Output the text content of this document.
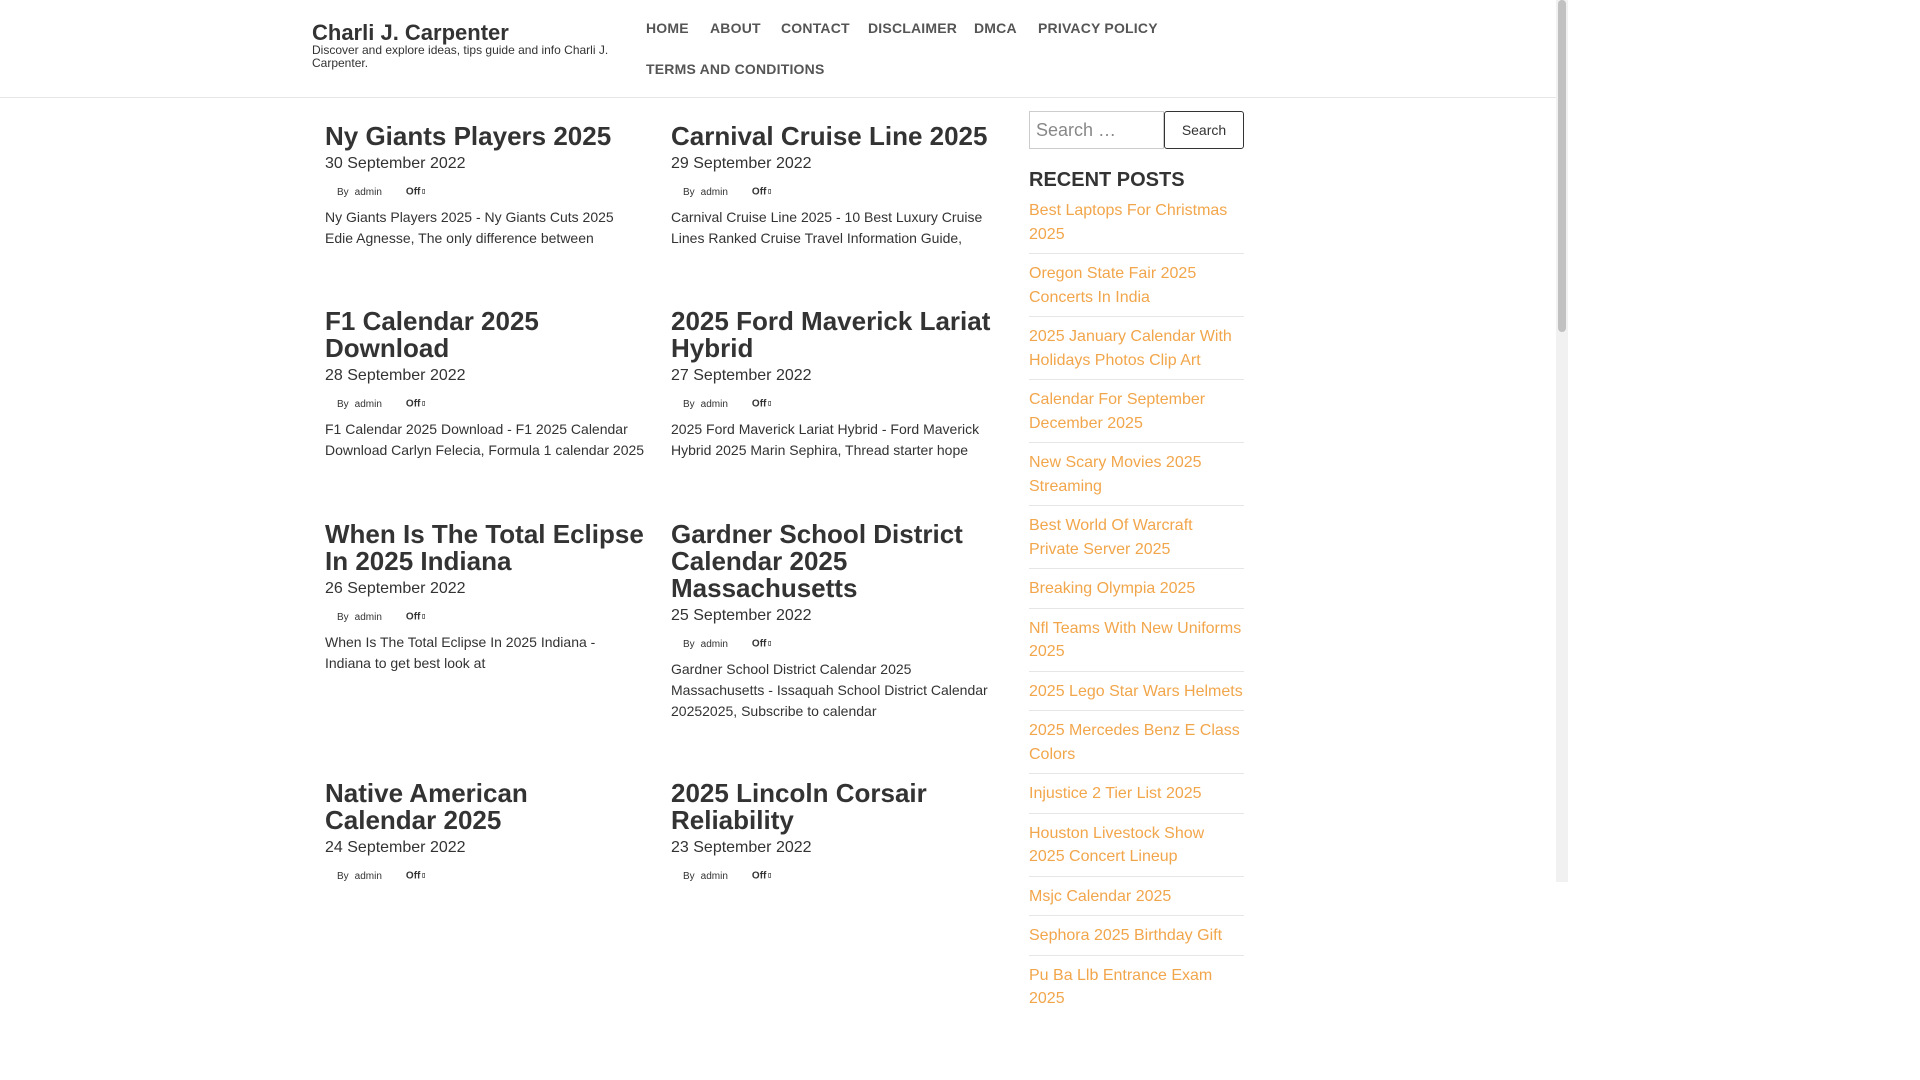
Charli J. Carpenter
Discover and explore ideas, tips guide and info Charli J. Carpenter.
HOME ABOUT CONTACT DISCLAIMER DMCA PRIVACY POLICY
TERMS AND CONDITIONS
Ny Giants Players 2025
30 September 2022
By admin Off ▯
Ny Giants Players 2025 - Ny Giants Cuts 2025 Edie Agnesse, The only difference between
Carnival Cruise Line 2025
29 September 2022
By admin Off ▯
Carnival Cruise Line 2025 - 10 Best Luxury Cruise Lines Ranked Cruise Travel Information Guide,
F1 Calendar 2025 Download
28 September 2022
By admin Off ▯
F1 Calendar 2025 Download - F1 2025 Calendar Download Carlyn Felecia, Formula 1 calendar 2025
2025 Ford Maverick Lariat Hybrid
27 September 2022
By admin Off ▯
2025 Ford Maverick Lariat Hybrid - Ford Maverick Hybrid 2025 Marin Sephira, Thread starter hope
When Is The Total Eclipse In 2025 Indiana
26 September 2022
By admin Off ▯
When Is The Total Eclipse In 2025 Indiana - Indiana to get best look at
Gardner School District Calendar 2025 Massachusetts
25 September 2022
By admin Off ▯
Gardner School District Calendar 2025 Massachusetts - Issaquah School District Calendar 20252025, Subscribe to calendar
Native American Calendar 2025
24 September 2022
By admin Off ▯
2025 Lincoln Corsair Reliability
23 September 2022
By admin Off ▯
Search …
Search
RECENT POSTS
Best Laptops For Christmas 2025
Oregon State Fair 2025 Concerts In India
2025 January Calendar With Holidays Photos Clip Art
Calendar For September December 2025
New Scary Movies 2025 Streaming
Best World Of Warcraft Private Server 2025
Breaking Olympia 2025
Nfl Teams With New Uniforms 2025
2025 Lego Star Wars Helmets
2025 Mercedes Benz E Class Colors
Injustice 2 Tier List 2025
Houston Livestock Show 2025 Concert Lineup
Msjc Calendar 2025
Sephora 2025 Birthday Gift
Pu Ba Llb Entrance Exam 2025
